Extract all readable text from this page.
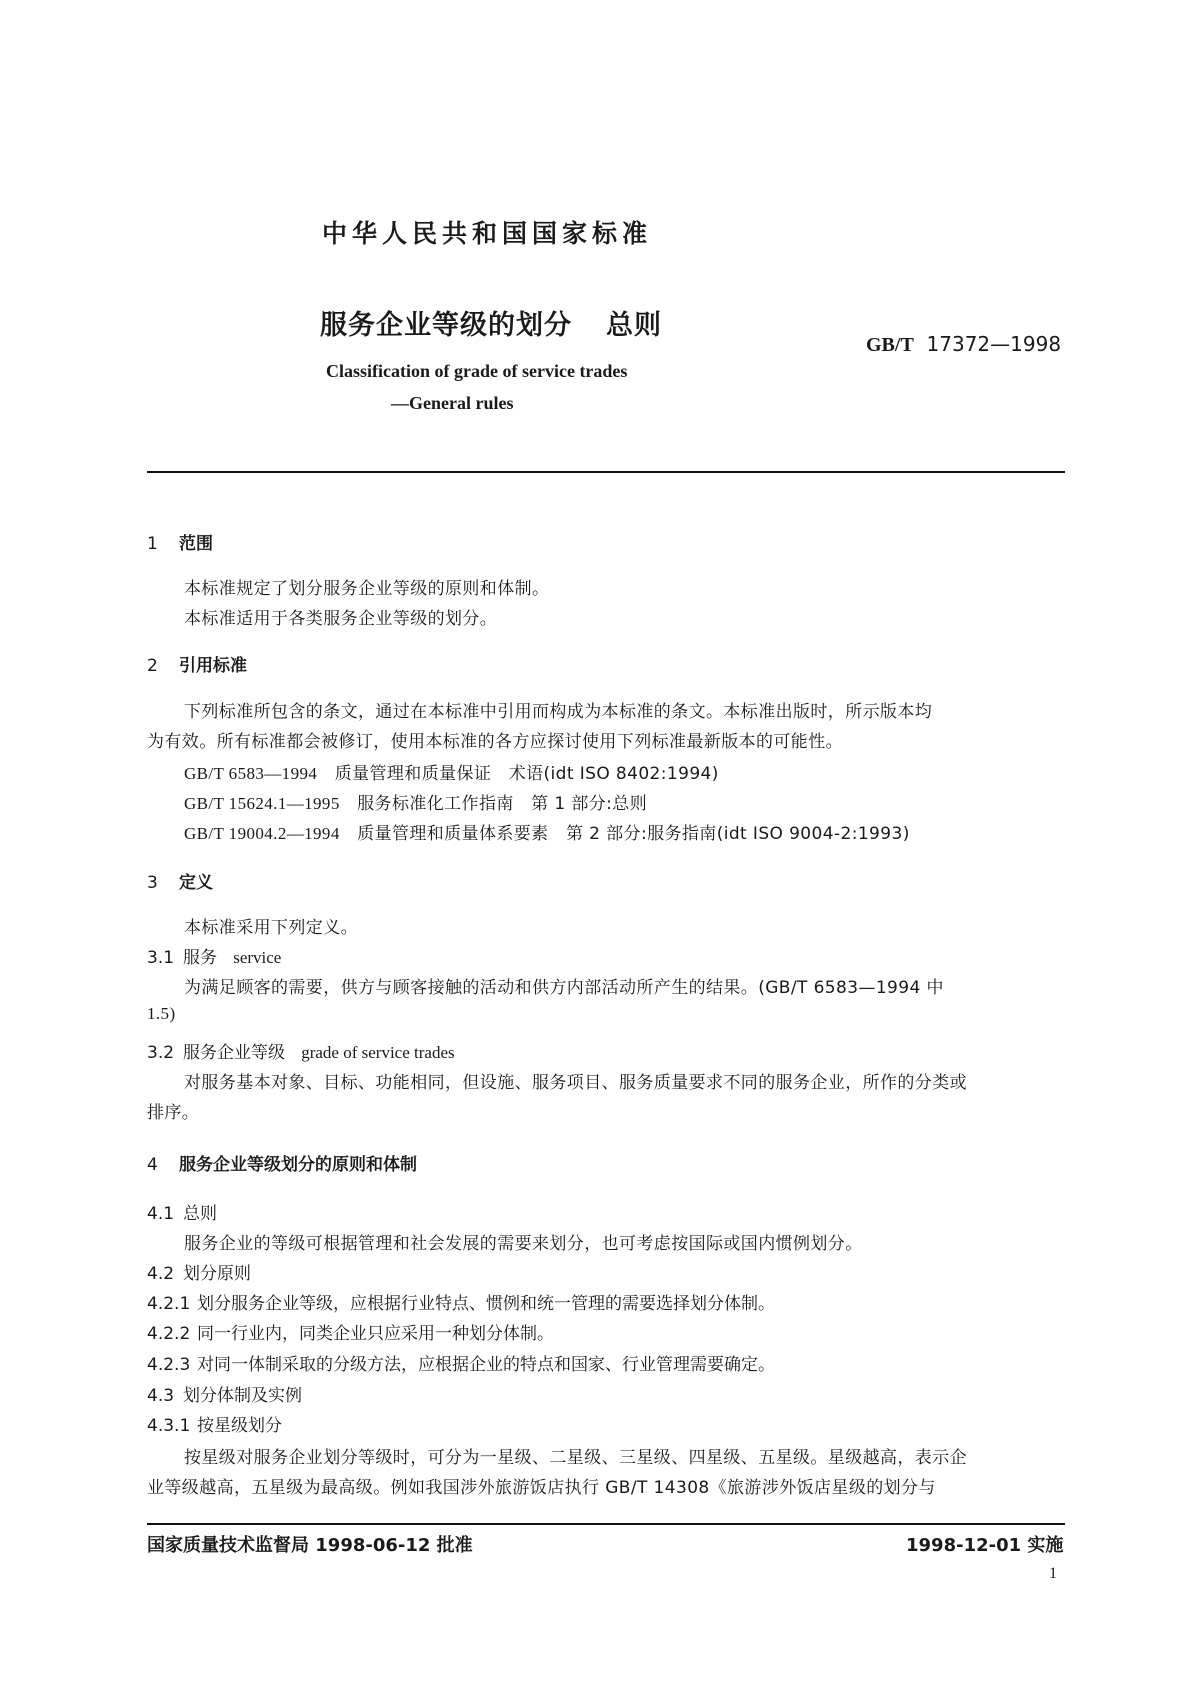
中华人民共和国国家标准
服务企业等级的划分 总则
GB/T 17372—1998
Classification of grade of service trades
—General rules
1 范围
本标准规定了划分服务企业等级的原则和体制。
本标准适用于各类服务企业等级的划分。
2 引用标准
下列标准所包含的条文，通过在本标准中引用而构成为本标准的条文。本标准出版时，所示版本均
为有效。所有标准都会被修订，使用本标准的各方应探讨使用下列标准最新版本的可能性。
GB/T 6583—1994 质量管理和质量保证　术语(idt ISO 8402:1994)
GB/T 15624.1—1995 服务标准化工作指南　第 1 部分:总则
GB/T 19004.2—1994 质量管理和质量体系要素　第 2 部分:服务指南(idt ISO 9004-2:1993)
3 定义
本标准采用下列定义。
3.1 服务 service
为满足顾客的需要，供方与顾客接触的活动和供方内部活动所产生的结果。(GB/T 6583—1994 中
1.5)
3.2 服务企业等级 grade of service trades
对服务基本对象、目标、功能相同，但设施、服务项目、服务质量要求不同的服务企业，所作的分类或
排序。
4 服务企业等级划分的原则和体制
4.1 总则
服务企业的等级可根据管理和社会发展的需要来划分，也可考虑按国际或国内惯例划分。
4.2 划分原则
4.2.1 划分服务企业等级，应根据行业特点、惯例和统一管理的需要选择划分体制。
4.2.2 同一行业内，同类企业只应采用一种划分体制。
4.2.3 对同一体制采取的分级方法，应根据企业的特点和国家、行业管理需要确定。
4.3 划分体制及实例
4.3.1 按星级划分
按星级对服务企业划分等级时，可分为一星级、二星级、三星级、四星级、五星级。星级越高，表示企
业等级越高，五星级为最高级。例如我国涉外旅游饭店执行 GB/T 14308《旅游涉外饭店星级的划分与
国家质量技术监督局 1998-06-12 批准	1998-12-01 实施
1
